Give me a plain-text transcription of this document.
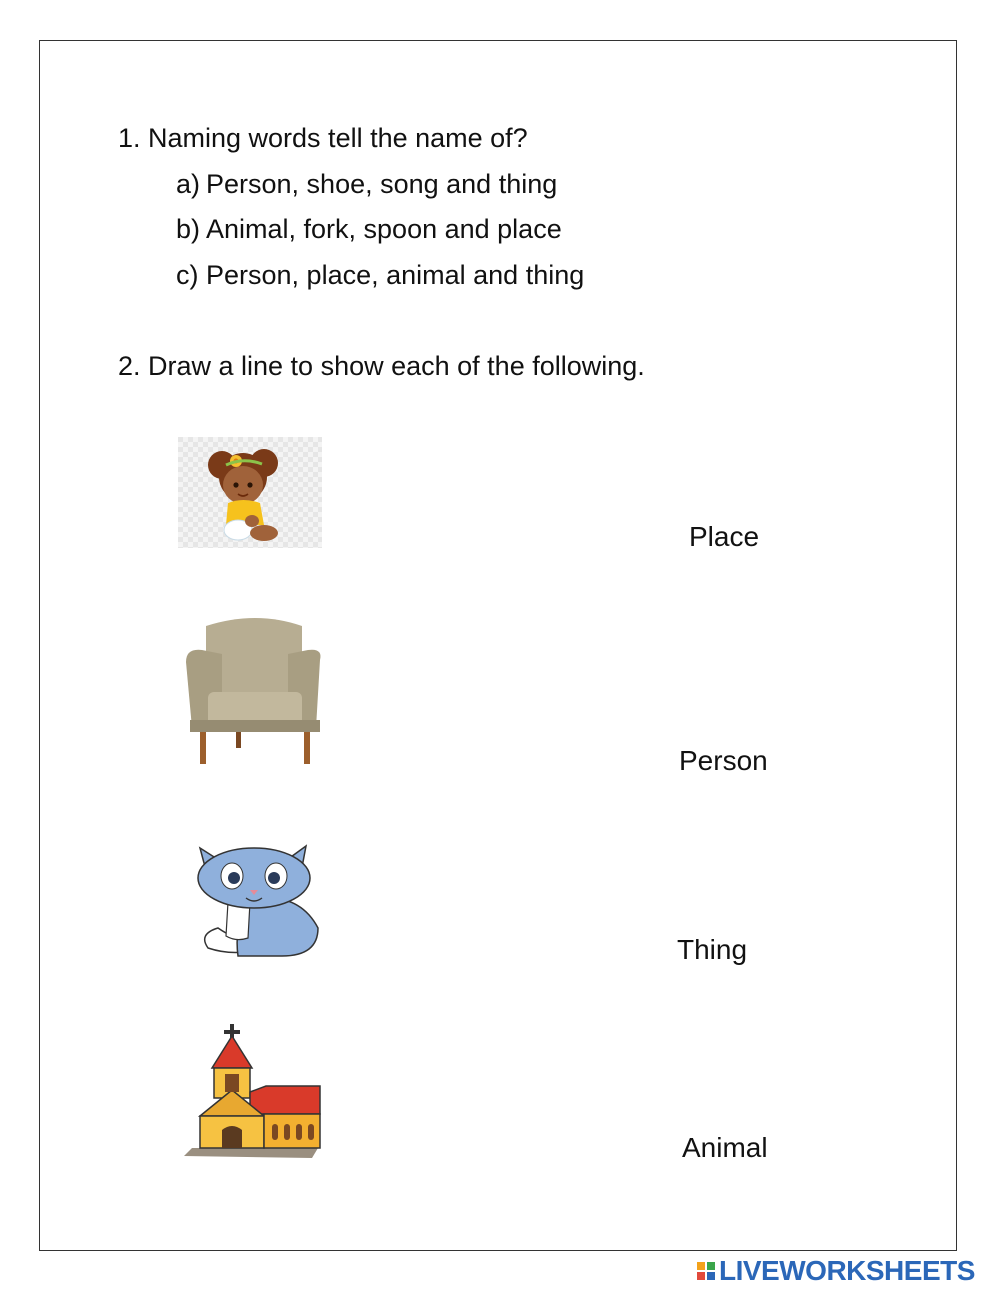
1. Naming words tell the name of?
a) Person, shoe, song and thing
b) Animal, fork, spoon and place
c) Person, place, animal and thing
2. Draw a line to show each of the following.
Place
Person
Thing
Animal
LIVEWORKSHEETS
